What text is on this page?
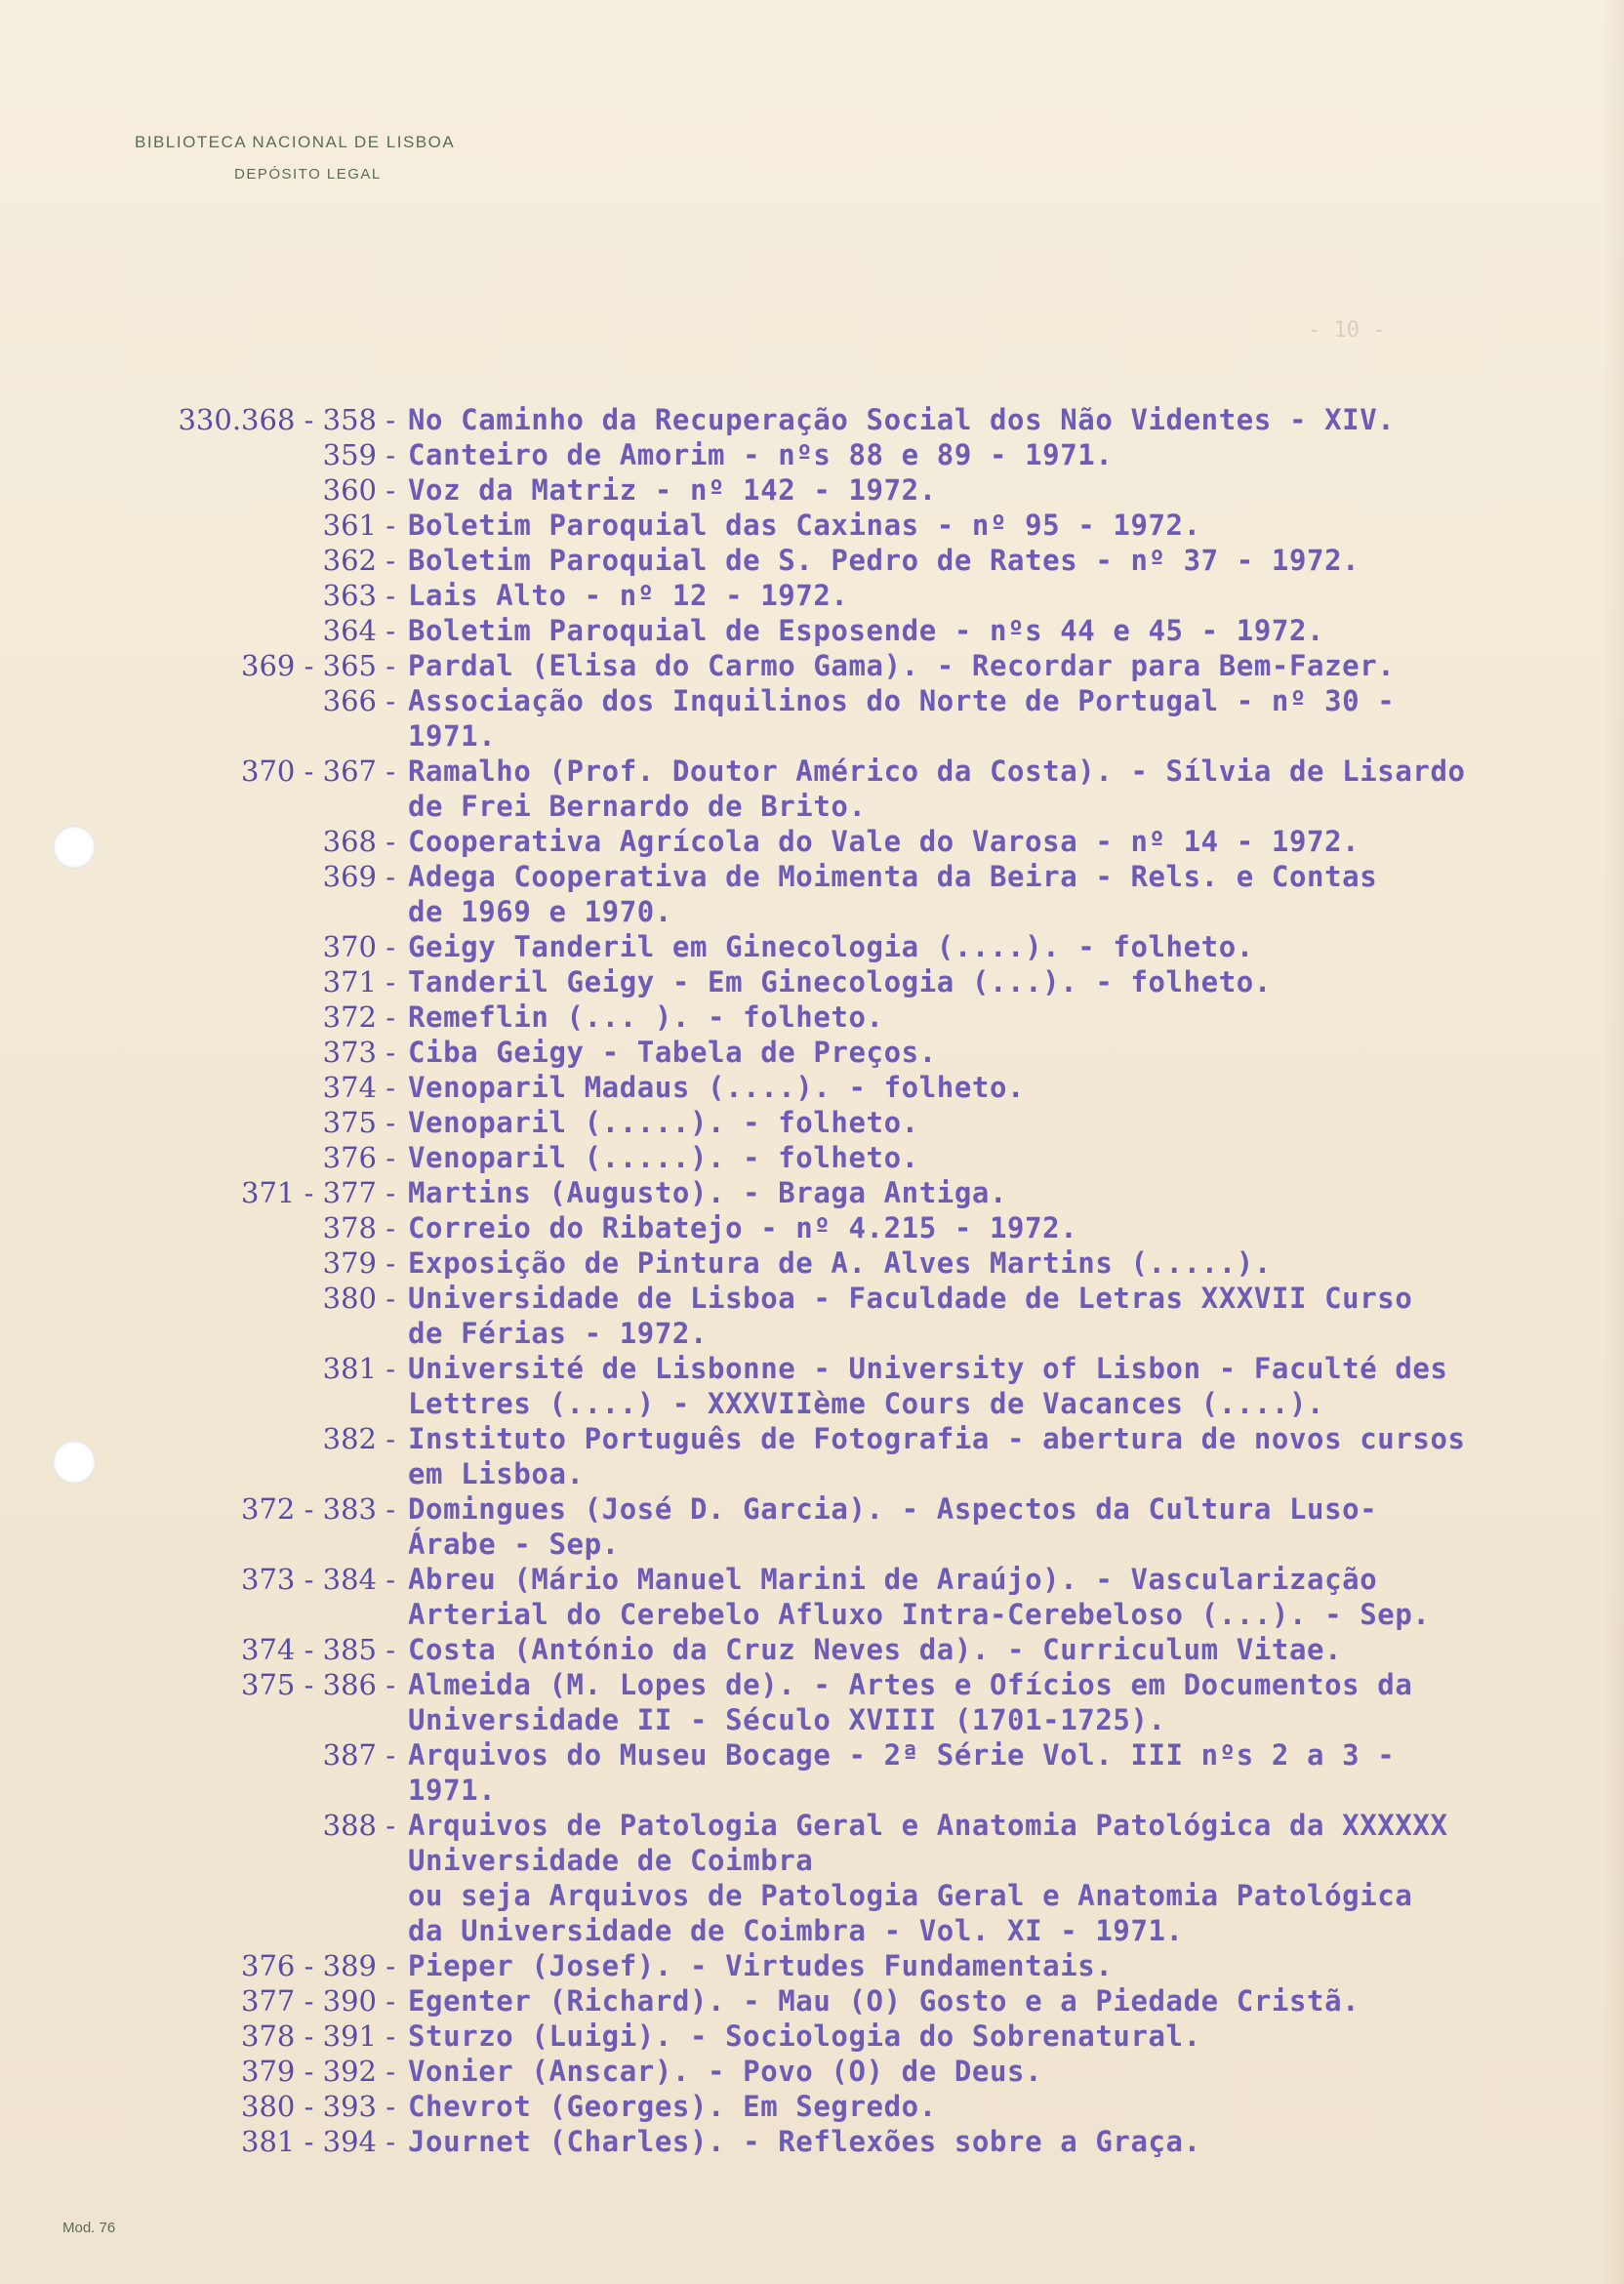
BIBLIOTECA NACIONAL DE LISBOA
DEPÓSITO LEGAL
- 10 -
330.368 - 358 - No Caminho da Recuperação Social dos Não Videntes - XIV.
359 - Canteiro de Amorim - nºs 88 e 89 - 1971.
360 - Voz da Matriz - nº 142 - 1972.
361 - Boletim Paroquial das Caxinas - nº 95 - 1972.
362 - Boletim Paroquial de S. Pedro de Rates - nº 37 - 1972.
363 - Lais Alto - nº 12 - 1972.
364 - Boletim Paroquial de Esposende - nºs 44 e 45 - 1972.
369 - 365 - Pardal (Elisa do Carmo Gama). - Recordar para Bem-Fazer.
366 - Associação dos Inquilinos do Norte de Portugal - nº 30 -
1971.
370 - 367 - Ramalho (Prof. Doutor Américo da Costa). - Sílvia de Lisardo
de Frei Bernardo de Brito.
368 - Cooperativa Agrícola do Vale do Varosa - nº 14 - 1972.
369 - Adega Cooperativa de Moimenta da Beira - Rels. e Contas
de 1969 e 1970.
370 - Geigy Tanderil em Ginecologia (....). - folheto.
371 - Tanderil Geigy - Em Ginecologia (...). - folheto.
372 - Remeflin (... ). - folheto.
373 - Ciba Geigy - Tabela de Preços.
374 - Venoparil Madaus (....). - folheto.
375 - Venoparil (.....). - folheto.
376 - Venoparil (.....). - folheto.
371 - 377 - Martins (Augusto). - Braga Antiga.
378 - Correio do Ribatejo - nº 4.215 - 1972.
379 - Exposição de Pintura de A. Alves Martins (.....).
380 - Universidade de Lisboa - Faculdade de Letras XXXVII Curso
de Férias - 1972.
381 - Université de Lisbonne - University of Lisbon - Faculté des
Lettres (....) - XXXVIIème Cours de Vacances (....).
382 - Instituto Português de Fotografia - abertura de novos cursos
em Lisboa.
372 - 383 - Domingues (José D. Garcia). - Aspectos da Cultura Luso-
Árabe - Sep.
373 - 384 - Abreu (Mário Manuel Marini de Araújo). - Vascularização
Arterial do Cerebelo Afluxo Intra-Cerebeloso (...). - Sep.
374 - 385 - Costa (António da Cruz Neves da). - Curriculum Vitae.
375 - 386 - Almeida (M. Lopes de). - Artes e Ofícios em Documentos da
Universidade II - Século XVIII (1701-1725).
387 - Arquivos do Museu Bocage - 2ª Série Vol. III nºs 2 a 3 -
1971.
388 - Arquivos de Patologia Geral e Anatomia Patológica da XXXXXX
Universidade de Coimbra
ou seja Arquivos de Patologia Geral e Anatomia Patológica
da Universidade de Coimbra - Vol. XI - 1971.
376 - 389 - Pieper (Josef). - Virtudes Fundamentais.
377 - 390 - Egenter (Richard). - Mau (O) Gosto e a Piedade Cristã.
378 - 391 - Sturzo (Luigi). - Sociologia do Sobrenatural.
379 - 392 - Vonier (Anscar). - Povo (O) de Deus.
380 - 393 - Chevrot (Georges). Em Segredo.
381 - 394 - Journet (Charles). - Reflexões sobre a Graça.
Mod. 76
